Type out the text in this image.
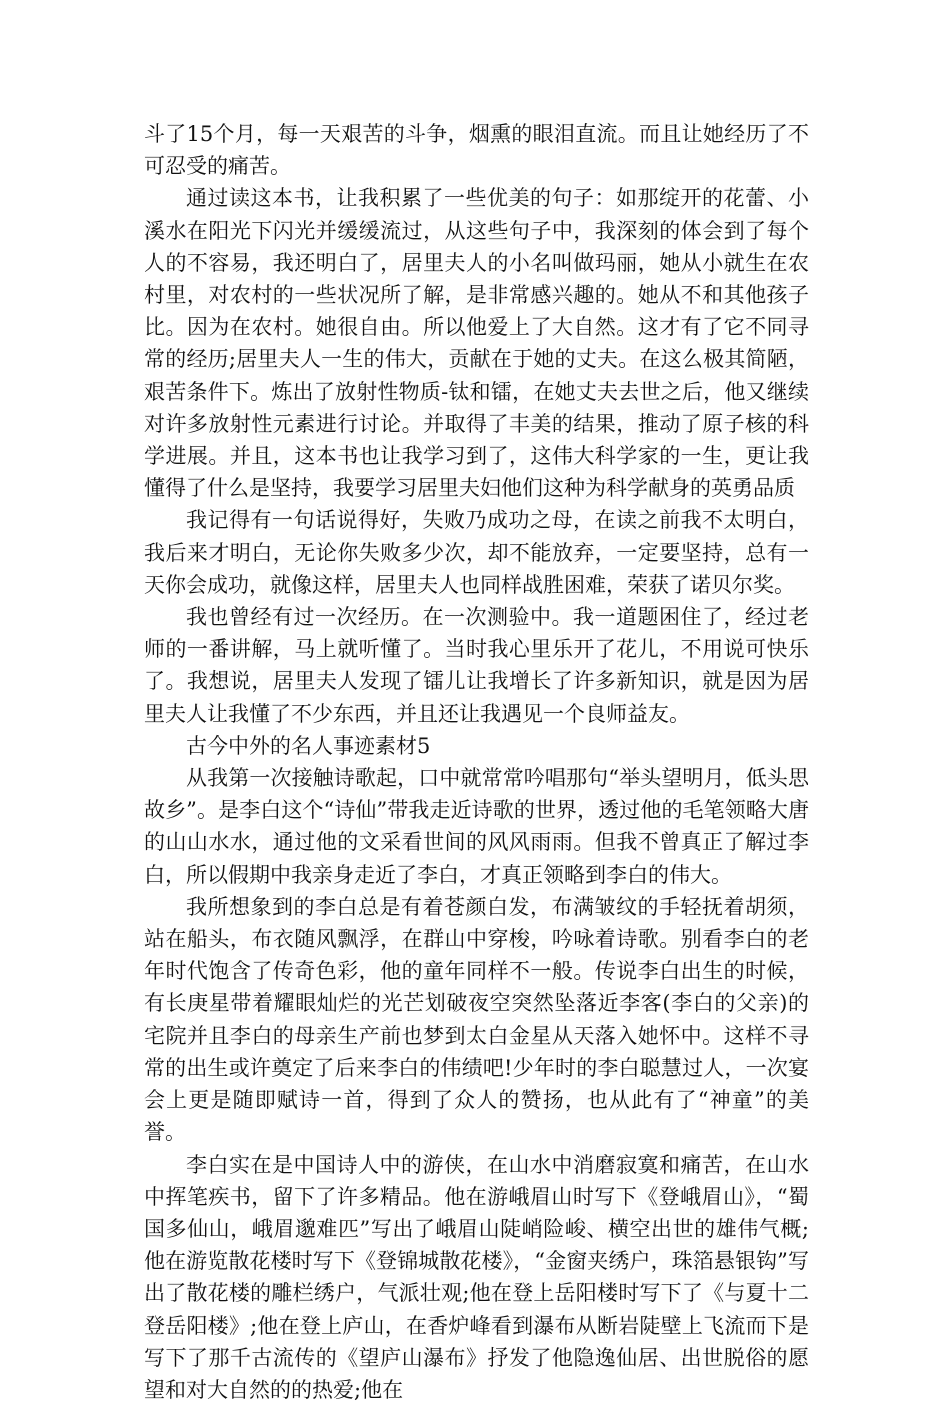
斗了15个月，每一天艰苦的斗争，烟熏的眼泪直流。而且让她经历了不可忍受的痛苦。

通过读这本书，让我积累了一些优美的句子：如那绽开的花蕾、小溪水在阳光下闪光并缓缓流过，从这些句子中，我深刻的体会到了每个人的不容易，我还明白了，居里夫人的小名叫做玛丽，她从小就生在农村里，对农村的一些状况所了解，是非常感兴趣的。她从不和其他孩子比。因为在农村。她很自由。所以他爱上了大自然。这才有了它不同寻常的经历;居里夫人一生的伟大，贡献在于她的丈夫。在这么极其简陋，艰苦条件下。炼出了放射性物质-钛和镭，在她丈夫去世之后，他又继续对许多放射性元素进行讨论。并取得了丰美的结果，推动了原子核的科学进展。并且，这本书也让我学习到了，这伟大科学家的一生，更让我懂得了什么是坚持，我要学习居里夫妇他们这种为科学献身的英勇品质

我记得有一句话说得好，失败乃成功之母，在读之前我不太明白，我后来才明白，无论你失败多少次，却不能放弃，一定要坚持，总有一天你会成功，就像这样，居里夫人也同样战胜困难，荣获了诺贝尔奖。

我也曾经有过一次经历。在一次测验中。我一道题困住了，经过老师的一番讲解，马上就听懂了。当时我心里乐开了花儿，不用说可快乐了。我想说，居里夫人发现了镭儿让我增长了许多新知识，就是因为居里夫人让我懂了不少东西，并且还让我遇见一个良师益友。

古今中外的名人事迹素材5

从我第一次接触诗歌起，口中就常常吟唱那句“举头望明月，低头思故乡”。是李白这个“诗仙”带我走近诗歌的世界，透过他的毛笔领略大唐的山山水水，通过他的文采看世间的风风雨雨。但我不曾真正了解过李白，所以假期中我亲身走近了李白，才真正领略到李白的伟大。

我所想象到的李白总是有着苍颜白发，布满皱纹的手轻抚着胡须，站在船头，布衣随风飘浮，在群山中穿梭，吟咏着诗歌。别看李白的老年时代饱含了传奇色彩，他的童年同样不一般。传说李白出生的时候，有长庚星带着耀眼灿烂的光芒划破夜空突然坠落近李客(李白的父亲)的宅院并且李白的母亲生产前也梦到太白金星从天落入她怀中。这样不寻常的出生或许奠定了后来李白的伟绩吧!少年时的李白聪慧过人，一次宴会上更是随即赋诗一首，得到了众人的赞扬，也从此有了“神童”的美誉。

李白实在是中国诗人中的游侠，在山水中消磨寂寞和痛苦，在山水中挥笔疾书，留下了许多精品。他在游峨眉山时写下《登峨眉山》，“蜀国多仙山，峨眉邈难匹”写出了峨眉山陡峭险峻、横空出世的雄伟气概;他在游览散花楼时写下《登锦城散花楼》，“金窗夹绣户，珠箔悬银钩”写出了散花楼的雕栏绣户，气派壮观;他在登上岳阳楼时写下了《与夏十二登岳阳楼》;他在登上庐山，在香炉峰看到瀑布从断岩陡壁上飞流而下是写下了那千古流传的《望庐山瀑布》抒发了他隐逸仙居、出世脱俗的愿望和对大自然的的热爱;他在
